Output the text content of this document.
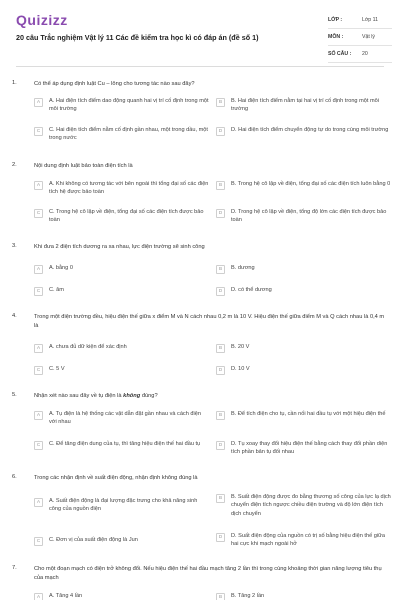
Quizizz
20 câu Trắc nghiệm Vật lý 11 Các đề kiểm tra học kì có đáp án (đề số 1)
LỚP :	Lớp 11
MÔN :	Vật lý
SỐ CÂU :	20
1.	Có thể áp dụng định luật Cu – lông cho tương tác nào sau đây?
A	A. Hai điện tích điểm dao động quanh hai vị trí cố định trong một môi trường
B	B. Hai điện tích điểm nằm tại hai vị trí cố định trong một môi trường
C	C. Hai điện tích điểm nằm cố định gần nhau, một trong dầu, một trong nước
D	D. Hai điện tích điểm chuyển động tự do trong cùng môi trường
2.	Nội dung định luật bảo toàn điện tích là
A	A. Khi không có tương tác với bên ngoài thì tổng đại số các điện tích hệ được bảo toàn
B	B. Trong hệ cô lập về điện, tổng đại số các điện tích luôn bằng 0
C	C. Trong hệ cô lập về điện, tổng đại số các điện tích được bảo toàn
D	D. Trong hệ cô lập về điện, tổng độ lớn các điện tích được bảo toàn
3.	Khi đưa 2 điện tích dương ra xa nhau, lực điện trường sẽ sinh công
A	A. bằng 0	B	B. dương
C	C. âm	D	D. có thể dương
4.	Trong một điện trường đều, hiệu điện thế giữa x điểm M và N cách nhau 0,2 m là 10 V. Hiệu điện thế giữa điểm M và Q cách nhau là 0,4 m là
A	A. chưa đủ dữ kiện để xác định	B	B. 20 V
C	C. 5 V	D	D. 10 V
5.	Nhận xét nào sau đây về tụ điện là không đúng?
A	A. Tụ điện là hệ thống các vật dẫn đặt gần nhau và cách điện với nhau
B	B. Để tích điện cho tụ, cần nối hai đầu tụ với một hiệu điện thế
C	C. Để tăng điện dung của tụ, thì tăng hiệu điện thế hai đầu tụ	D	D. Tụ xoay thay đổi hiệu điện thế bằng cách thay đổi phần diện tích phần bản tụ đối nhau
6.	Trong các nhận định về suất điện động, nhận định không đúng là
A	A. Suất điện động là đại lượng đặc trưng cho khả năng sinh công của nguồn điện
B	B. Suất điện động được đo bằng thương số công của lực lạ dịch chuyển điện tích ngược chiều điện trường và độ lớn điện tích dịch chuyển
C	C. Đơn vị của suất điện động là Jun
D	D. Suất điện động của nguồn có trị số bằng hiệu điện thế giữa hai cực khi mạch ngoài hở
7.	Cho một đoạn mạch có điện trở không đổi. Nếu hiệu điện thế hai đầu mạch tăng 2 lần thì trong cùng khoảng thời gian năng lượng tiêu thụ của mạch
A	A. Tăng 4 lần	B	B. Tăng 2 lần
